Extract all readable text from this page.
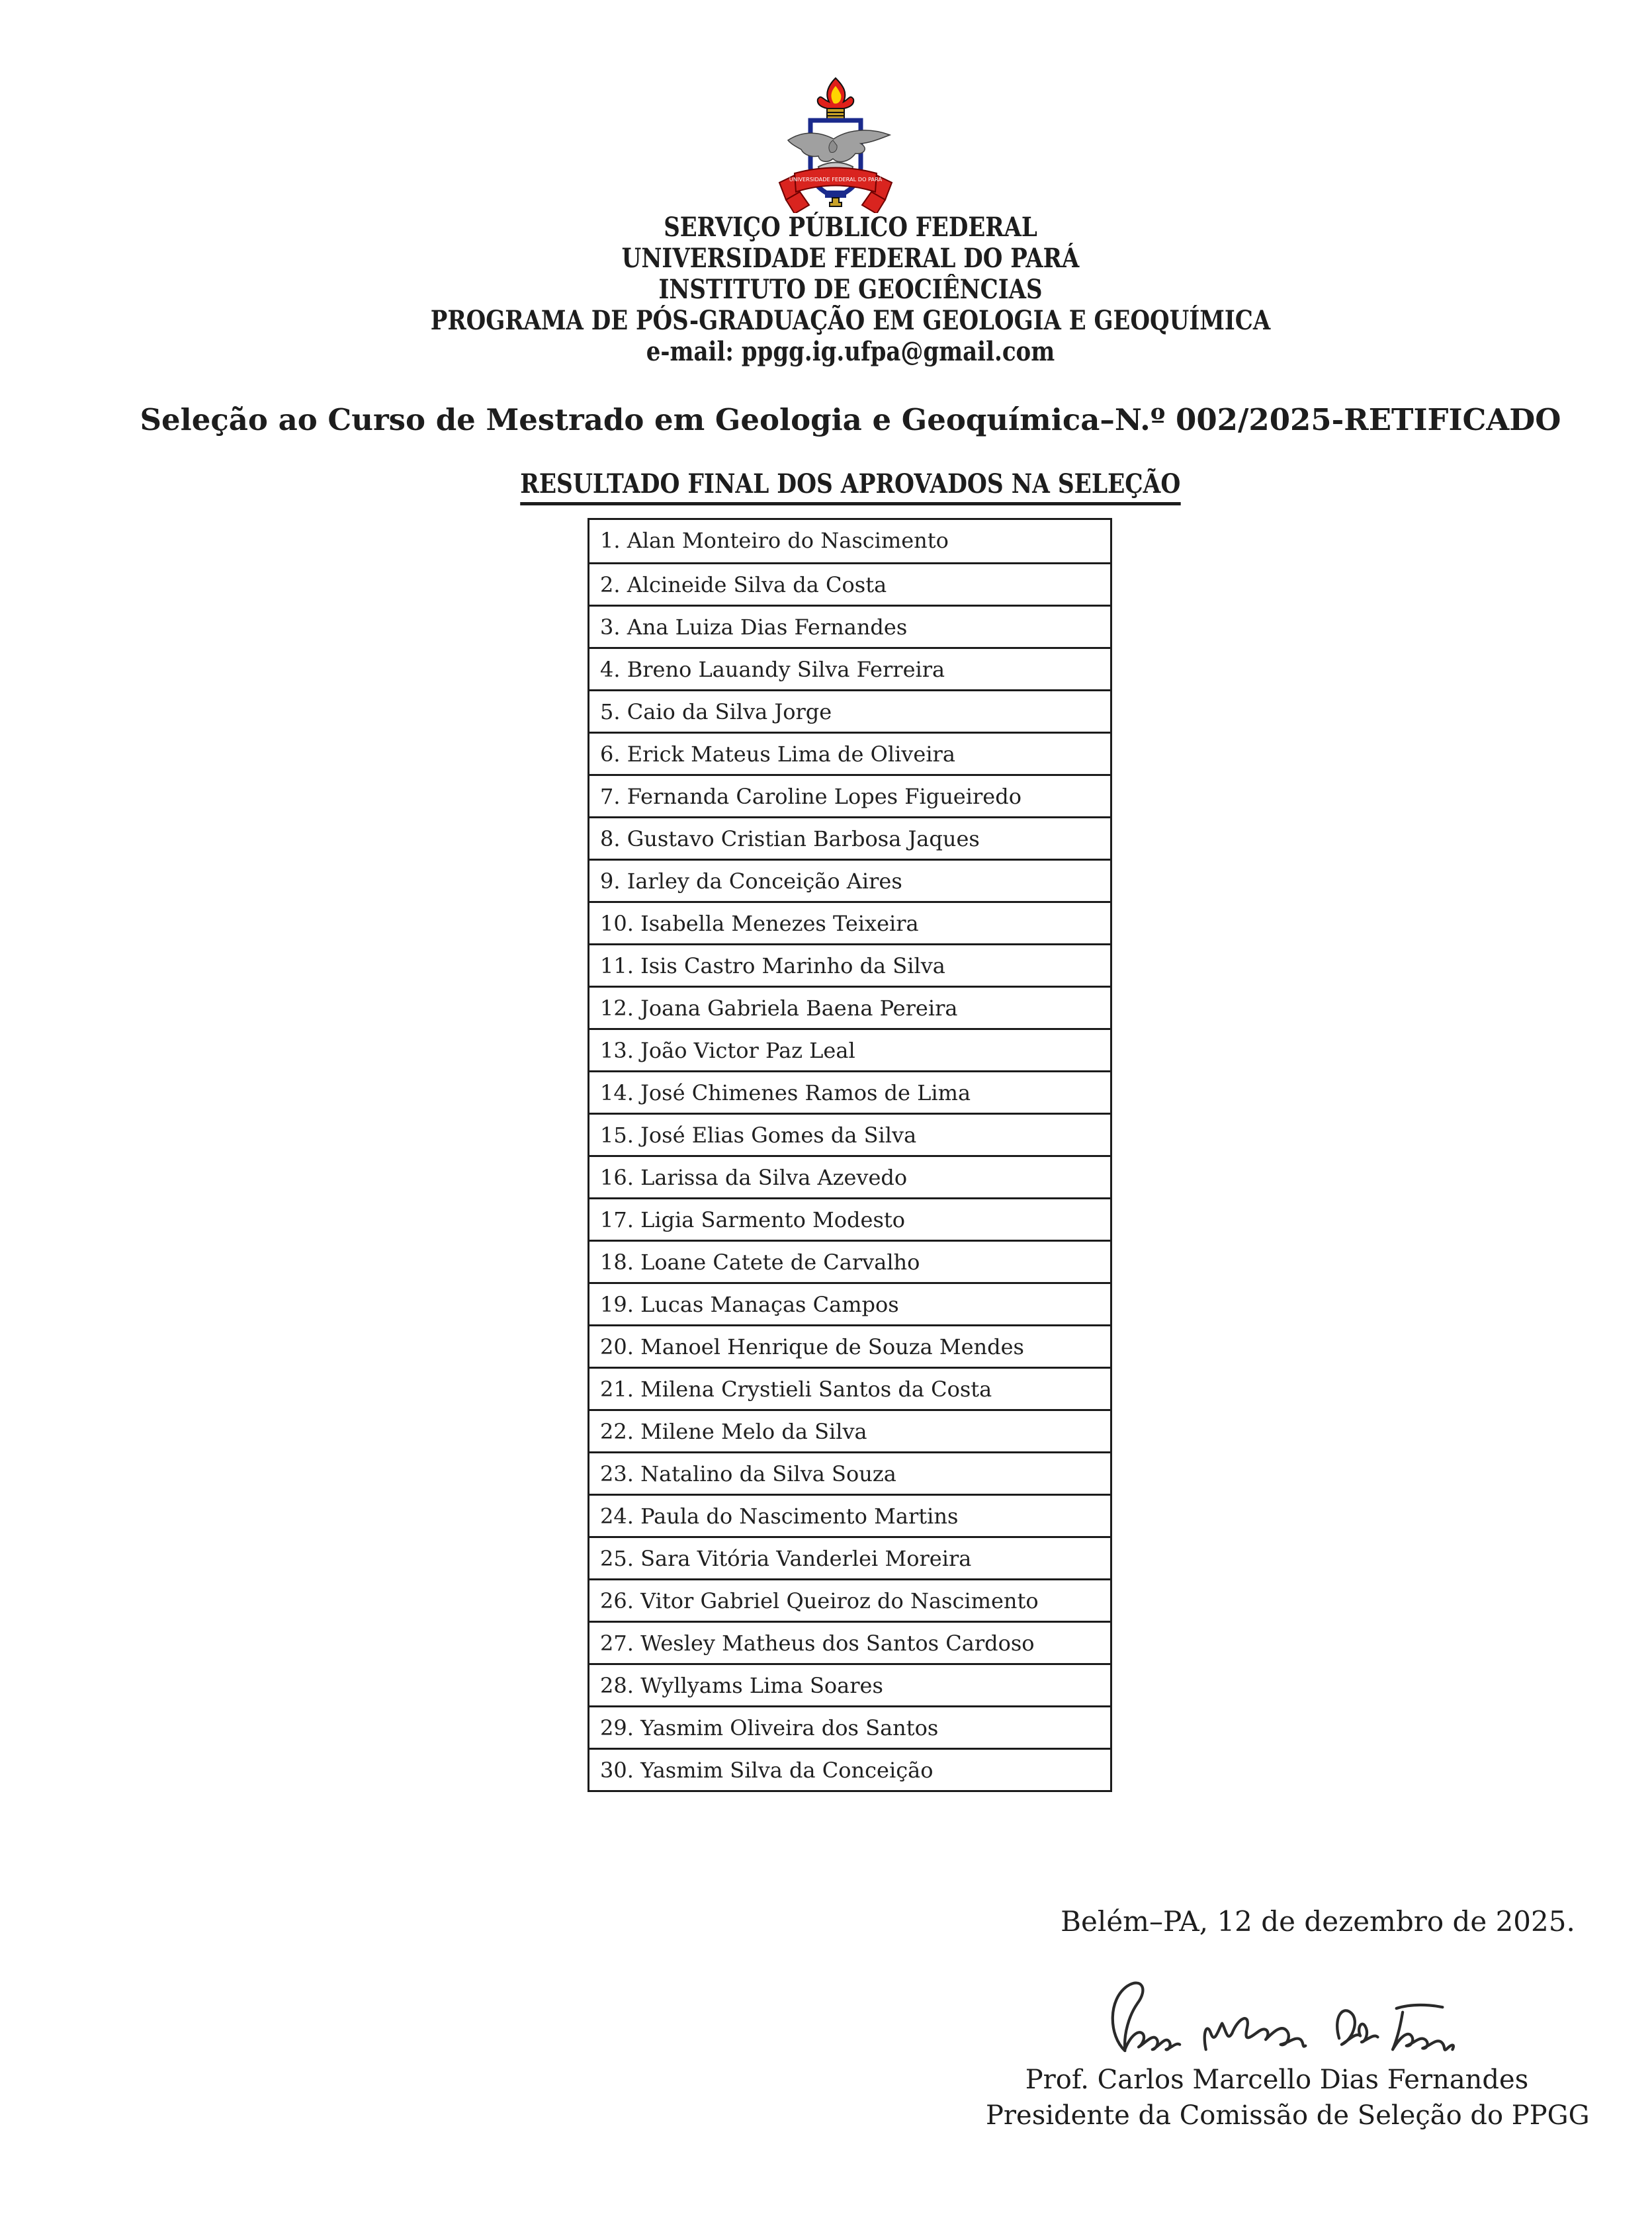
UNIVERSIDADE FEDERAL DO PARÁ
SERVIÇO PÚBLICO FEDERAL
UNIVERSIDADE FEDERAL DO PARÁ
INSTITUTO DE GEOCIÊNCIAS
PROGRAMA DE PÓS-GRADUAÇÃO EM GEOLOGIA E GEOQUÍMICA
e-mail: ppgg.ig.ufpa@gmail.com
Seleção ao Curso de Mestrado em Geologia e Geoquímica–N.º 002/2025-RETIFICADO
RESULTADO FINAL DOS APROVADOS NA SELEÇÃO
1. Alan Monteiro do Nascimento
2. Alcineide Silva da Costa
3. Ana Luiza Dias Fernandes
4. Breno Lauandy Silva Ferreira
5. Caio da Silva Jorge
6. Erick Mateus Lima de Oliveira
7. Fernanda Caroline Lopes Figueiredo
8. Gustavo Cristian Barbosa Jaques
9. Iarley da Conceição Aires
10. Isabella Menezes Teixeira
11. Isis Castro Marinho da Silva
12. Joana Gabriela Baena Pereira
13. João Victor Paz Leal
14. José Chimenes Ramos de Lima
15. José Elias Gomes da Silva
16. Larissa da Silva Azevedo
17. Ligia Sarmento Modesto
18. Loane Catete de Carvalho
19. Lucas Manaças Campos
20. Manoel Henrique de Souza Mendes
21. Milena Crystieli Santos da Costa
22. Milene Melo da Silva
23. Natalino da Silva Souza
24. Paula do Nascimento Martins
25. Sara Vitória Vanderlei Moreira
26. Vitor Gabriel Queiroz do Nascimento
27. Wesley Matheus dos Santos Cardoso
28. Wyllyams Lima Soares
29. Yasmim Oliveira dos Santos
30. Yasmim Silva da Conceição
Belém–PA, 12 de dezembro de 2025.
Prof. Carlos Marcello Dias Fernandes
Presidente da Comissão de Seleção do PPGG
